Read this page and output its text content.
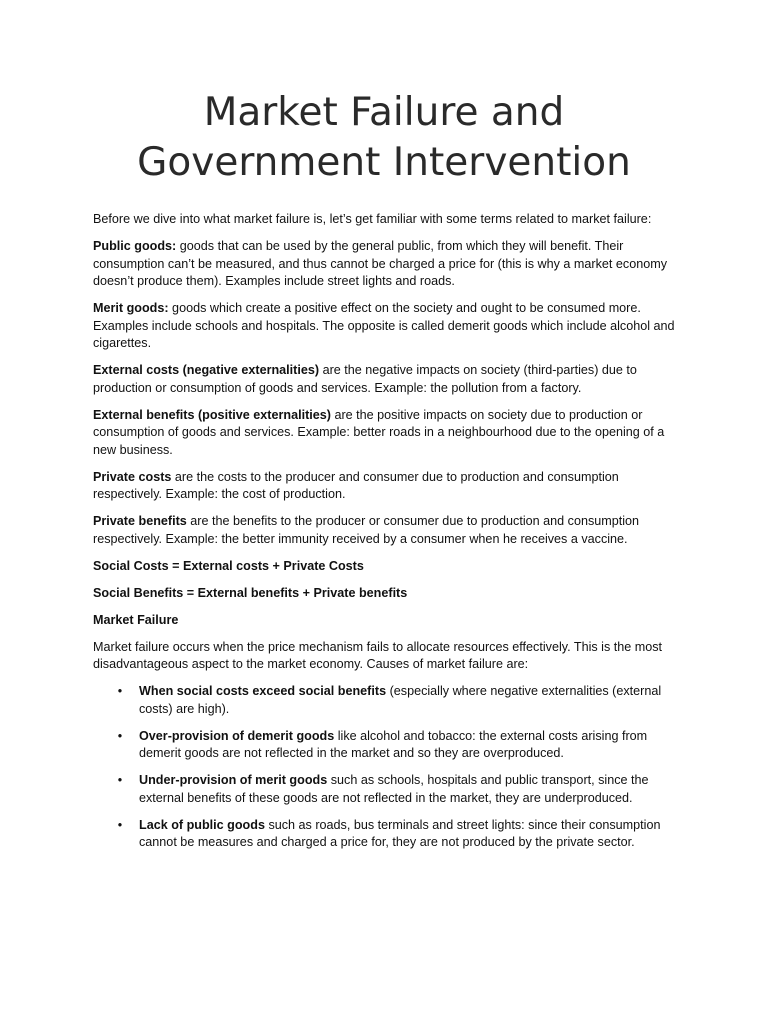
Market Failure and
Government Intervention

Before we dive into what market failure is, let’s get familiar with some terms related to market failure:

Public goods: goods that can be used by the general public, from which they will benefit. Their consumption can’t be measured, and thus cannot be charged a price for (this is why a market economy doesn’t produce them). Examples include street lights and roads.

Merit goods: goods which create a positive effect on the society and ought to be consumed more. Examples include schools and hospitals. The opposite is called demerit goods which include alcohol and cigarettes.

External costs (negative externalities) are the negative impacts on society (third-parties) due to production or consumption of goods and services. Example: the pollution from a factory.

External benefits (positive externalities) are the positive impacts on society due to production or consumption of goods and services. Example: better roads in a neighbourhood due to the opening of a new business.

Private costs are the costs to the producer and consumer due to production and consumption respectively. Example: the cost of production.

Private benefits are the benefits to the producer or consumer due to production and consumption respectively. Example: the better immunity received by a consumer when he receives a vaccine.

Social Costs = External costs + Private Costs

Social Benefits = External benefits + Private benefits

Market Failure

Market failure occurs when the price mechanism fails to allocate resources effectively. This is the most disadvantageous aspect to the market economy. Causes of market failure are:

• When social costs exceed social benefits (especially where negative externalities (external costs) are high).
• Over-provision of demerit goods like alcohol and tobacco: the external costs arising from demerit goods are not reflected in the market and so they are overproduced.
• Under-provision of merit goods such as schools, hospitals and public transport, since the external benefits of these goods are not reflected in the market, they are underproduced.
• Lack of public goods such as roads, bus terminals and street lights: since their consumption cannot be measures and charged a price for, they are not produced by the private sector.
